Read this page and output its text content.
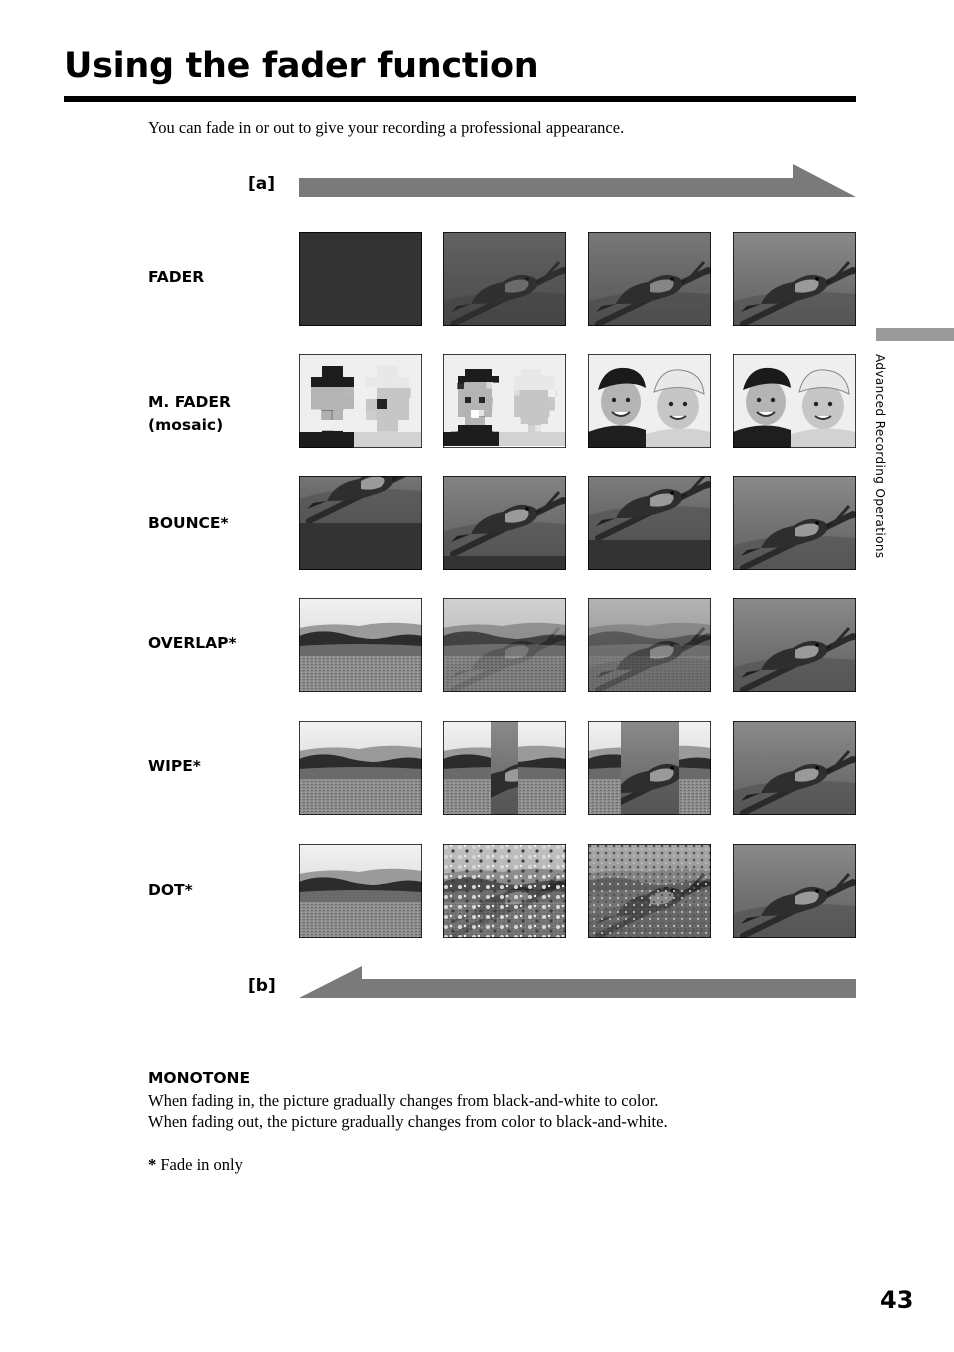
Using the fader function
You can fade in or out to give your recording a professional appearance.
[a]
FADER
M. FADER
(mosaic)
BOUNCE*
OVERLAP*
WIPE*
DOT*
[b]
Advanced Recording Operations
MONOTONE
When fading in, the picture gradually changes from black-and-white to color.
When fading out, the picture gradually changes from color to black-and-white.
* Fade in only
43
